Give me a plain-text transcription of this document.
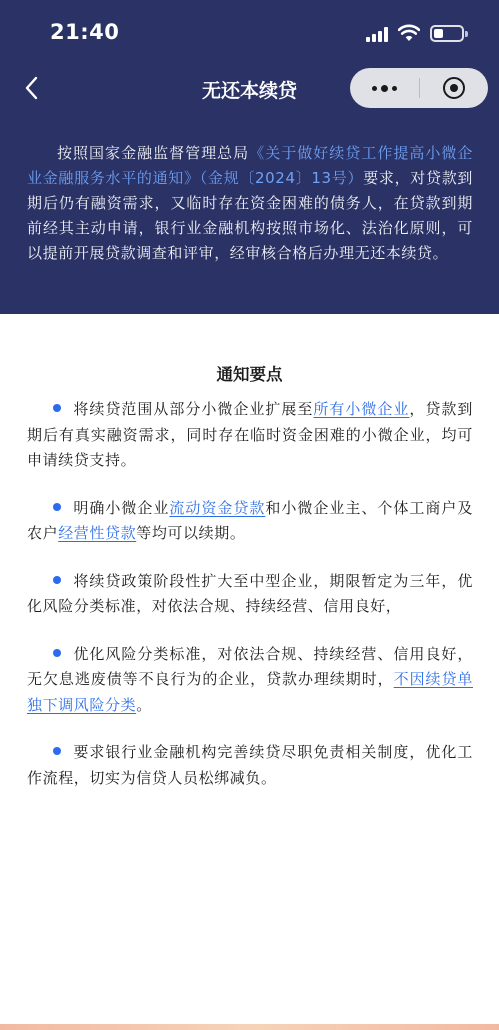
21:40
无还本续贷

按照国家金融监督管理总局《关于做好续贷工作提高小微企业金融服务水平的通知》（金规〔2024〕13号）要求，对贷款到期后仍有融资需求，又临时存在资金困难的债务人，在贷款到期前经其主动申请，银行业金融机构按照市场化、法治化原则，可以提前开展贷款调查和评审，经审核合格后办理无还本续贷。

通知要点
将续贷范围从部分小微企业扩展至所有小微企业，贷款到期后有真实融资需求，同时存在临时资金困难的小微企业，均可申请续贷支持。
明确小微企业流动资金贷款和小微企业主、个体工商户及农户经营性贷款等均可以续期。
将续贷政策阶段性扩大至中型企业，期限暂定为三年，优化风险分类标准，对依法合规、持续经营、信用良好，
优化风险分类标准，对依法合规、持续经营、信用良好，无欠息逃废债等不良行为的企业，贷款办理续期时，不因续贷单独下调风险分类。
要求银行业金融机构完善续贷尽职免责相关制度，优化工作流程，切实为信贷人员松绑减负。
